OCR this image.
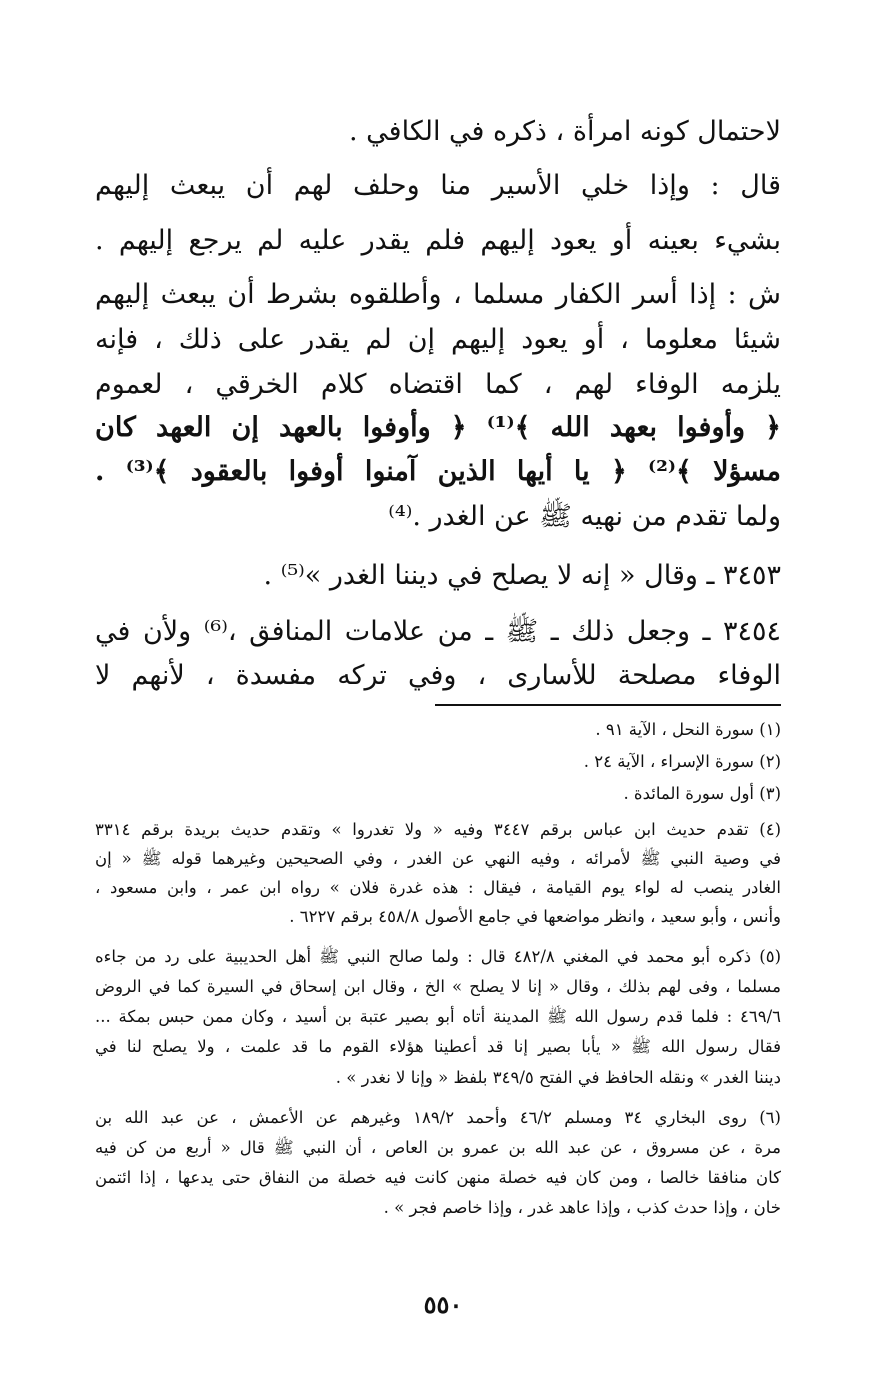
لاحتمال كونه امرأة ، ذكره في الكافي .
قال : وإذا خلي الأسير منا وحلف لهم أن يبعث إليهم
بشيء بعينه أو يعود إليهم فلم يقدر عليه لم يرجع إليهم .
ش : إذا أسر الكفار مسلما ، وأطلقوه بشرط أن يبعث إليهم
شيئا معلوما ، أو يعود إليهم إن لم يقدر على ذلك ، فإنه
يلزمه الوفاء لهم ، كما اقتضاه كلام الخرقي ، لعموم
﴿ وأوفوا بعهد الله ﴾⁽¹⁾ ﴿ وأوفوا بالعهد إن العهد كان
مسؤلا ﴾⁽²⁾ ﴿ يا أيها الذين آمنوا أوفوا بالعقود ﴾⁽³⁾ .
ولما تقدم من نهيه ﷺ عن الغدر .⁽⁴⁾
٣٤٥٣ ـ وقال « إنه لا يصلح في ديننا الغدر »⁽⁵⁾ .
٣٤٥٤ ـ وجعل ذلك ـ ﷺ ـ من علامات المنافق ،⁽⁶⁾ ولأن في
الوفاء مصلحة للأسارى ، وفي تركه مفسدة ، لأنهم لا
(١) سورة النحل ، الآية ٩١ .
(٢) سورة الإسراء ، الآية ٢٤ .
(٣) أول سورة المائدة .
(٤) تقدم حديث ابن عباس برقم ٣٤٤٧ وفيه « ولا تغدروا » وتقدم حديث بريدة برقم ٣٣١٤
في وصية النبي ﷺ لأمرائه ، وفيه النهي عن الغدر ، وفي الصحيحين وغيرهما قوله ﷺ « إن
الغادر ينصب له لواء يوم القيامة ، فيقال : هذه غدرة فلان » رواه ابن عمر ، وابن مسعود ،
وأنس ، وأبو سعيد ، وانظر مواضعها في جامع الأصول ٤٥٨/٨ برقم ٦٢٢٧ .
(٥) ذكره أبو محمد في المغني ٤٨٢/٨ قال : ولما صالح النبي ﷺ أهل الحديبية على رد من جاءه
مسلما ، وفى لهم بذلك ، وقال « إنا لا يصلح » الخ ، وقال ابن إسحاق في السيرة كما في الروض
٤٦٩/٦ : فلما قدم رسول الله ﷺ المدينة أتاه أبو بصير عتبة بن أسيد ، وكان ممن حبس بمكة ...
فقال رسول الله ﷺ « يأبا بصير إنا قد أعطينا هؤلاء القوم ما قد علمت ، ولا يصلح لنا في
ديننا الغدر » ونقله الحافظ في الفتح ٣٤٩/٥ بلفظ « وإنا لا نغدر » .
(٦) روى البخاري ٣٤ ومسلم ٤٦/٢ وأحمد ١٨٩/٢ وغيرهم عن الأعمش ، عن عبد الله بن
مرة ، عن مسروق ، عن عبد الله بن عمرو بن العاص ، أن النبي ﷺ قال « أربع من كن فيه
كان منافقا خالصا ، ومن كان فيه خصلة منهن كانت فيه خصلة من النفاق حتى يدعها ، إذا ائتمن
خان ، وإذا حدث كذب ، وإذا عاهد غدر ، وإذا خاصم فجر » .
٥٥٠
